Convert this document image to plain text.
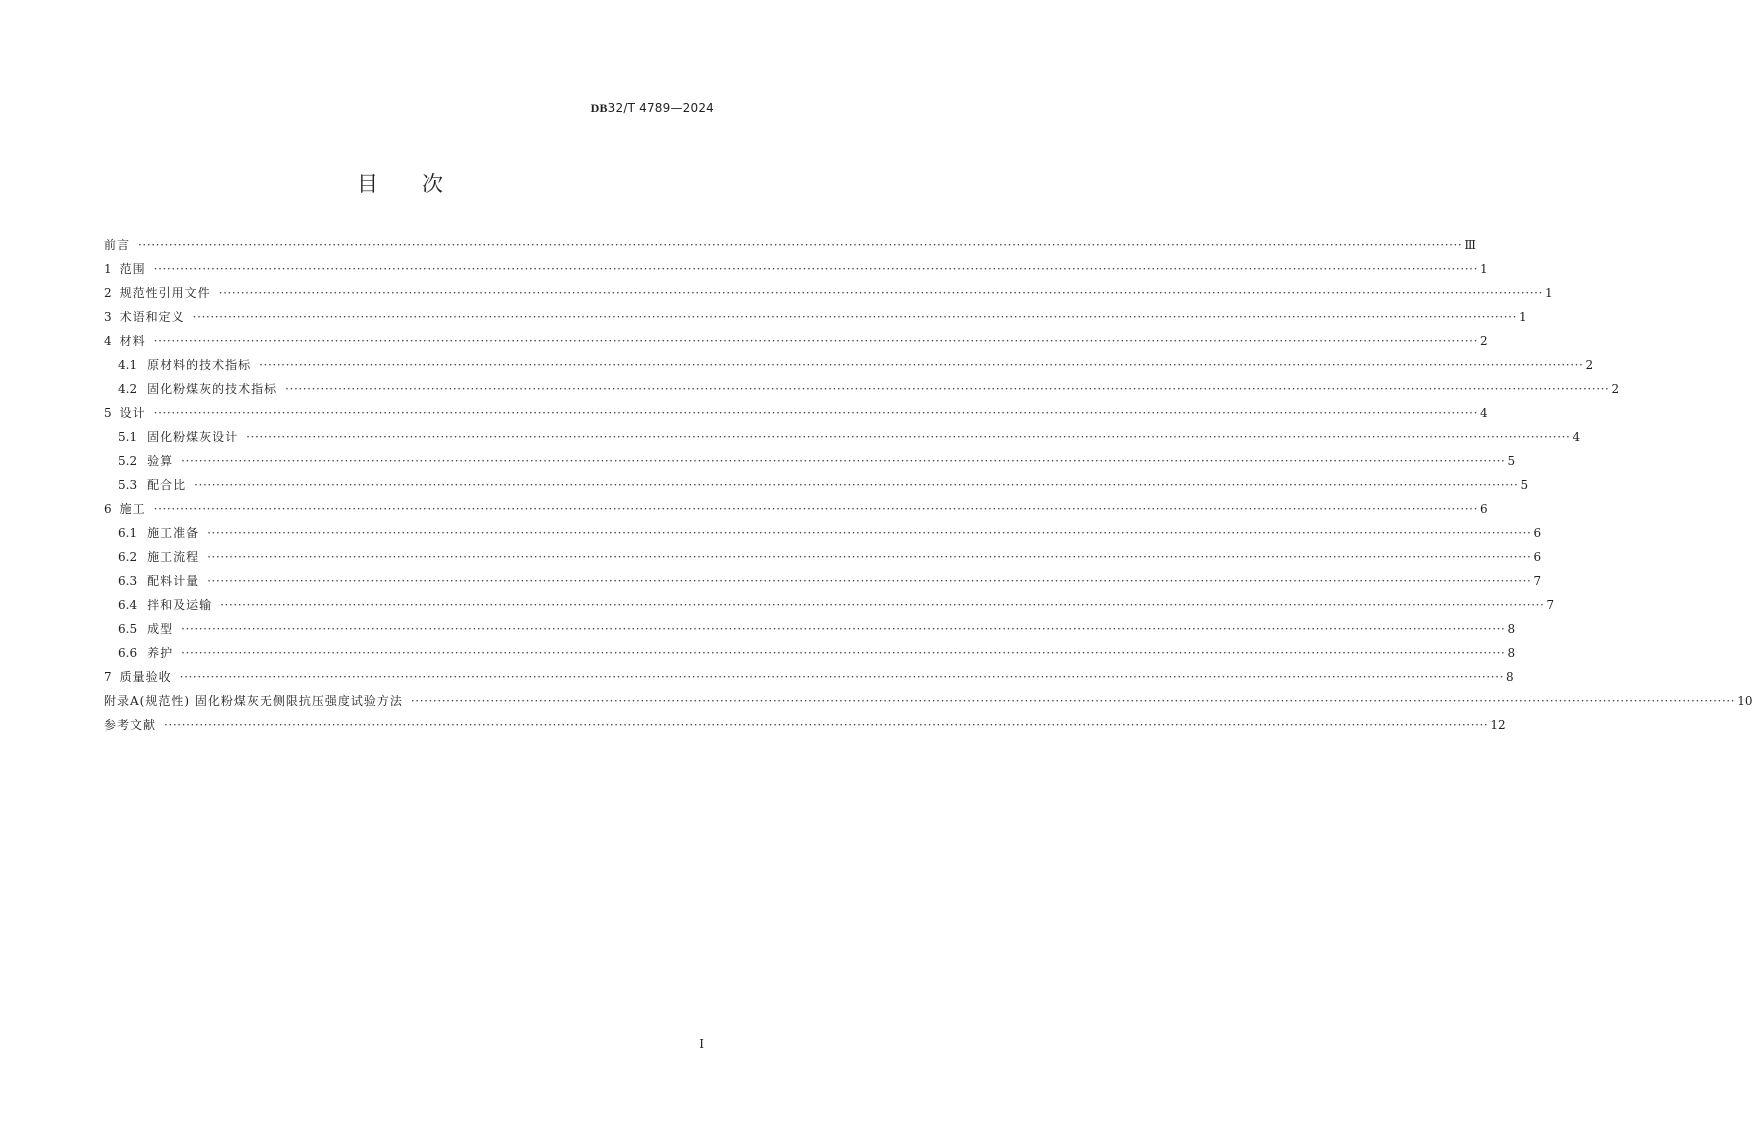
DB32/T 4789—2024
目次
前言 ············································································································································································································································································································ Ⅲ
1 范围 ············································································································································································································································································································ 1
2 规范性引用文件 ············································································································································································································································································································ 1
3 术语和定义 ············································································································································································································································································································ 1
4 材料 ············································································································································································································································································································ 2
4.1 原材料的技术指标 ············································································································································································································································································································ 2
4.2 固化粉煤灰的技术指标 ············································································································································································································································································································ 2
5 设计 ············································································································································································································································································································ 4
5.1 固化粉煤灰设计 ············································································································································································································································································································ 4
5.2 验算 ············································································································································································································································································································ 5
5.3 配合比 ············································································································································································································································································································ 5
6 施工 ············································································································································································································································································································ 6
6.1 施工准备 ············································································································································································································································································································ 6
6.2 施工流程 ············································································································································································································································································································ 6
6.3 配料计量 ············································································································································································································································································································ 7
6.4 拌和及运输 ············································································································································································································································································································ 7
6.5 成型 ············································································································································································································································································································ 8
6.6 养护 ············································································································································································································································································································ 8
7 质量验收 ············································································································································································································································································································ 8
附录A(规范性) 固化粉煤灰无侧限抗压强度试验方法 ············································································································································································································································································································ 10
参考文献 ············································································································································································································································································································ 12
I
